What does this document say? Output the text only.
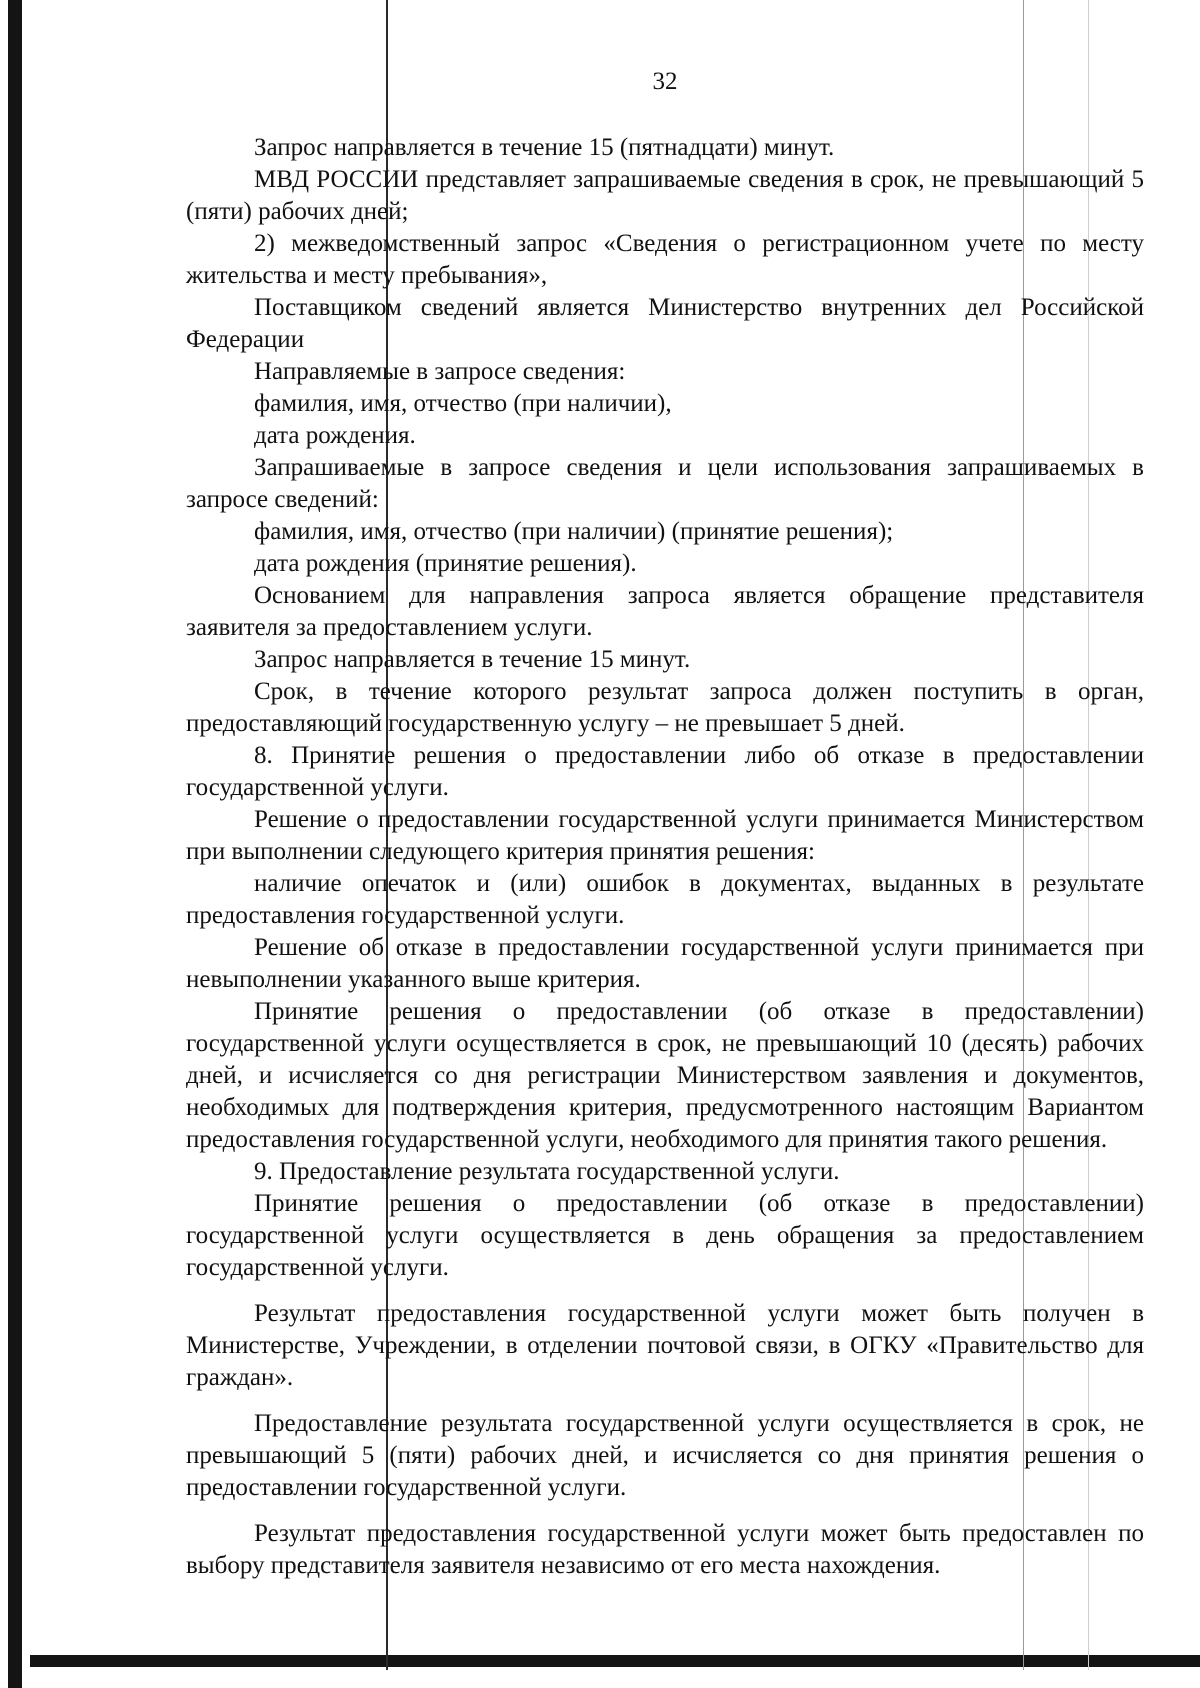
32

Запрос направляется в течение 15 (пятнадцати) минут.

МВД РОССИИ представляет запрашиваемые сведения в срок, не превышающий 5 (пяти) рабочих дней;

2) межведомственный запрос «Сведения о регистрационном учете по месту жительства и месту пребывания»,

Поставщиком сведений является Министерство внутренних дел Российской Федерации

Направляемые в запросе сведения:

фамилия, имя, отчество (при наличии),

дата рождения.

Запрашиваемые в запросе сведения и цели использования запрашиваемых в запросе сведений:

фамилия, имя, отчество (при наличии) (принятие решения);

дата рождения (принятие решения).

Основанием для направления запроса является обращение представителя заявителя за предоставлением услуги.

Запрос направляется в течение 15 минут.

Срок, в течение которого результат запроса должен поступить в орган, предоставляющий государственную услугу – не превышает 5 дней.

8. Принятие решения о предоставлении либо об отказе в предоставлении государственной услуги.

Решение о предоставлении государственной услуги принимается Министерством при выполнении следующего критерия принятия решения:

наличие опечаток и (или) ошибок в документах, выданных в результате предоставления государственной услуги.

Решение об отказе в предоставлении государственной услуги принимается при невыполнении указанного выше критерия.

Принятие решения о предоставлении (об отказе в предоставлении) государственной услуги осуществляется в срок, не превышающий 10 (десять) рабочих дней, и исчисляется со дня регистрации Министерством заявления и документов, необходимых для подтверждения критерия, предусмотренного настоящим Вариантом предоставления государственной услуги, необходимого для принятия такого решения.

9. Предоставление результата государственной услуги.

Принятие решения о предоставлении (об отказе в предоставлении) государственной услуги осуществляется в день обращения за предоставлением государственной услуги.

Результат предоставления государственной услуги может быть получен в Министерстве, Учреждении, в отделении почтовой связи, в ОГКУ «Правительство для граждан».

Предоставление результата государственной услуги осуществляется в срок, не превышающий 5 (пяти) рабочих дней, и исчисляется со дня принятия решения о предоставлении государственной услуги.

Результат предоставления государственной услуги может быть предоставлен по выбору представителя заявителя независимо от его места нахождения.
